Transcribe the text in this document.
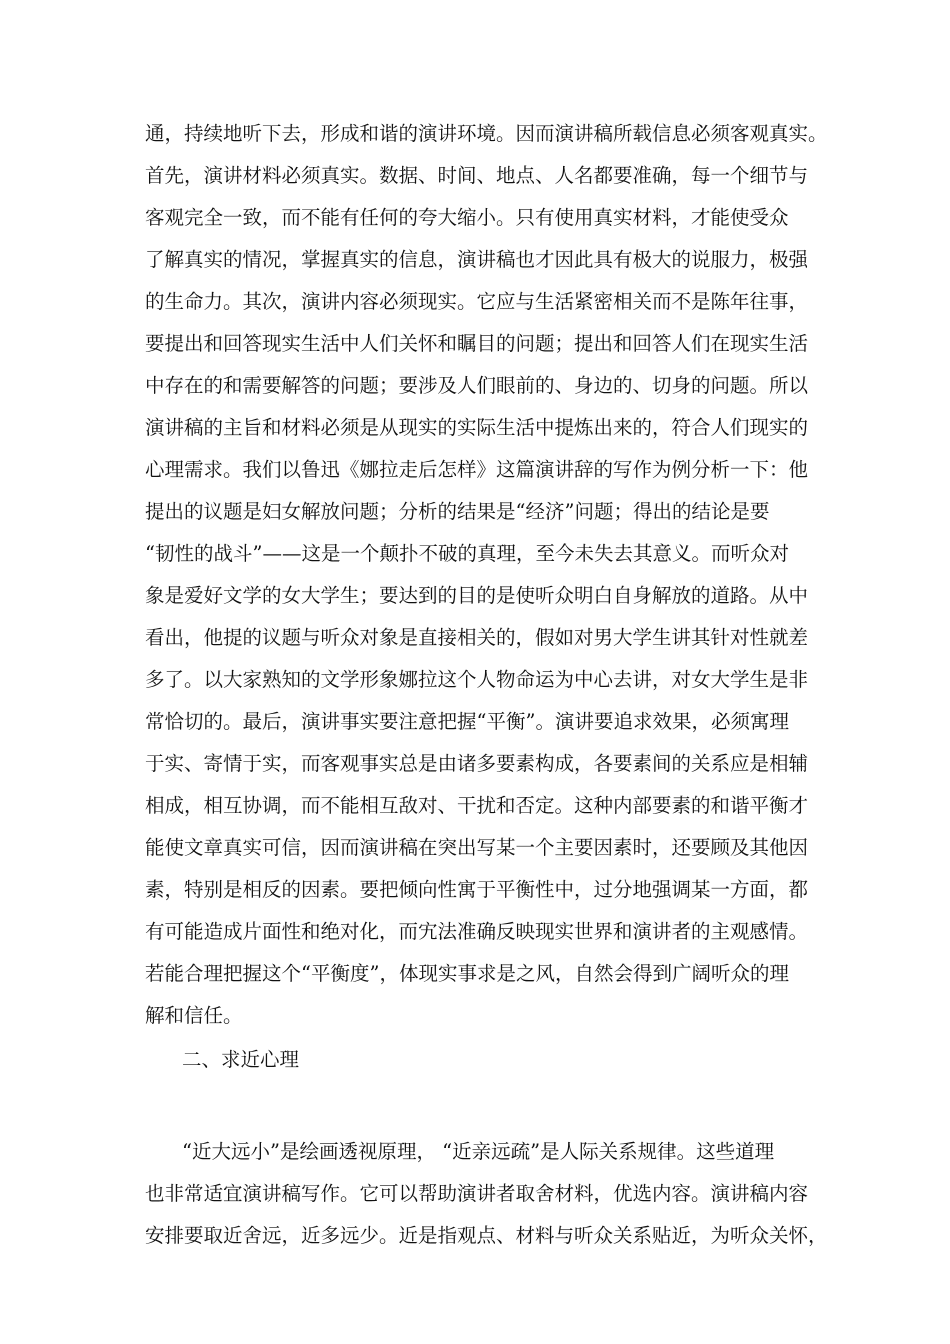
通，持续地听下去，形成和谐的演讲环境。因而演讲稿所载信息必须客观真实。
首先，演讲材料必须真实。数据、时间、地点、人名都要准确，每一个细节与
客观完全一致，而不能有任何的夸大缩小。只有使用真实材料，才能使受众
了解真实的情况，掌握真实的信息，演讲稿也才因此具有极大的说服力，极强
的生命力。其次，演讲内容必须现实。它应与生活紧密相关而不是陈年往事，
要提出和回答现实生活中人们关怀和瞩目的问题；提出和回答人们在现实生活
中存在的和需要解答的问题；要涉及人们眼前的、身边的、切身的问题。所以
演讲稿的主旨和材料必须是从现实的实际生活中提炼出来的，符合人们现实的
心理需求。我们以鲁迅《娜拉走后怎样》这篇演讲辞的写作为例分析一下：他
提出的议题是妇女解放问题；分析的结果是“经济”问题；得出的结论是要
“韧性的战斗”——这是一个颠扑不破的真理，至今未失去其意义。而听众对
象是爱好文学的女大学生；要达到的目的是使听众明白自身解放的道路。从中
看出，他提的议题与听众对象是直接相关的，假如对男大学生讲其针对性就差
多了。以大家熟知的文学形象娜拉这个人物命运为中心去讲，对女大学生是非
常恰切的。最后，演讲事实要注意把握“平衡”。演讲要追求效果，必须寓理
于实、寄情于实，而客观事实总是由诸多要素构成，各要素间的关系应是相辅
相成，相互协调，而不能相互敌对、干扰和否定。这种内部要素的和谐平衡才
能使文章真实可信，因而演讲稿在突出写某一个主要因素时，还要顾及其他因
素，特别是相反的因素。要把倾向性寓于平衡性中，过分地强调某一方面，都
有可能造成片面性和绝对化，而宄法准确反映现实世界和演讲者的主观感情。
若能合理把握这个“平衡度”，体现实事求是之风，自然会得到广阔听众的理
解和信任。
二、求近心理
“近大远小”是绘画透视原理， “近亲远疏”是人际关系规律。这些道理
也非常适宜演讲稿写作。它可以帮助演讲者取舍材料，优选内容。演讲稿内容
安排要取近舍远，近多远少。近是指观点、材料与听众关系贴近，为听众关怀，
